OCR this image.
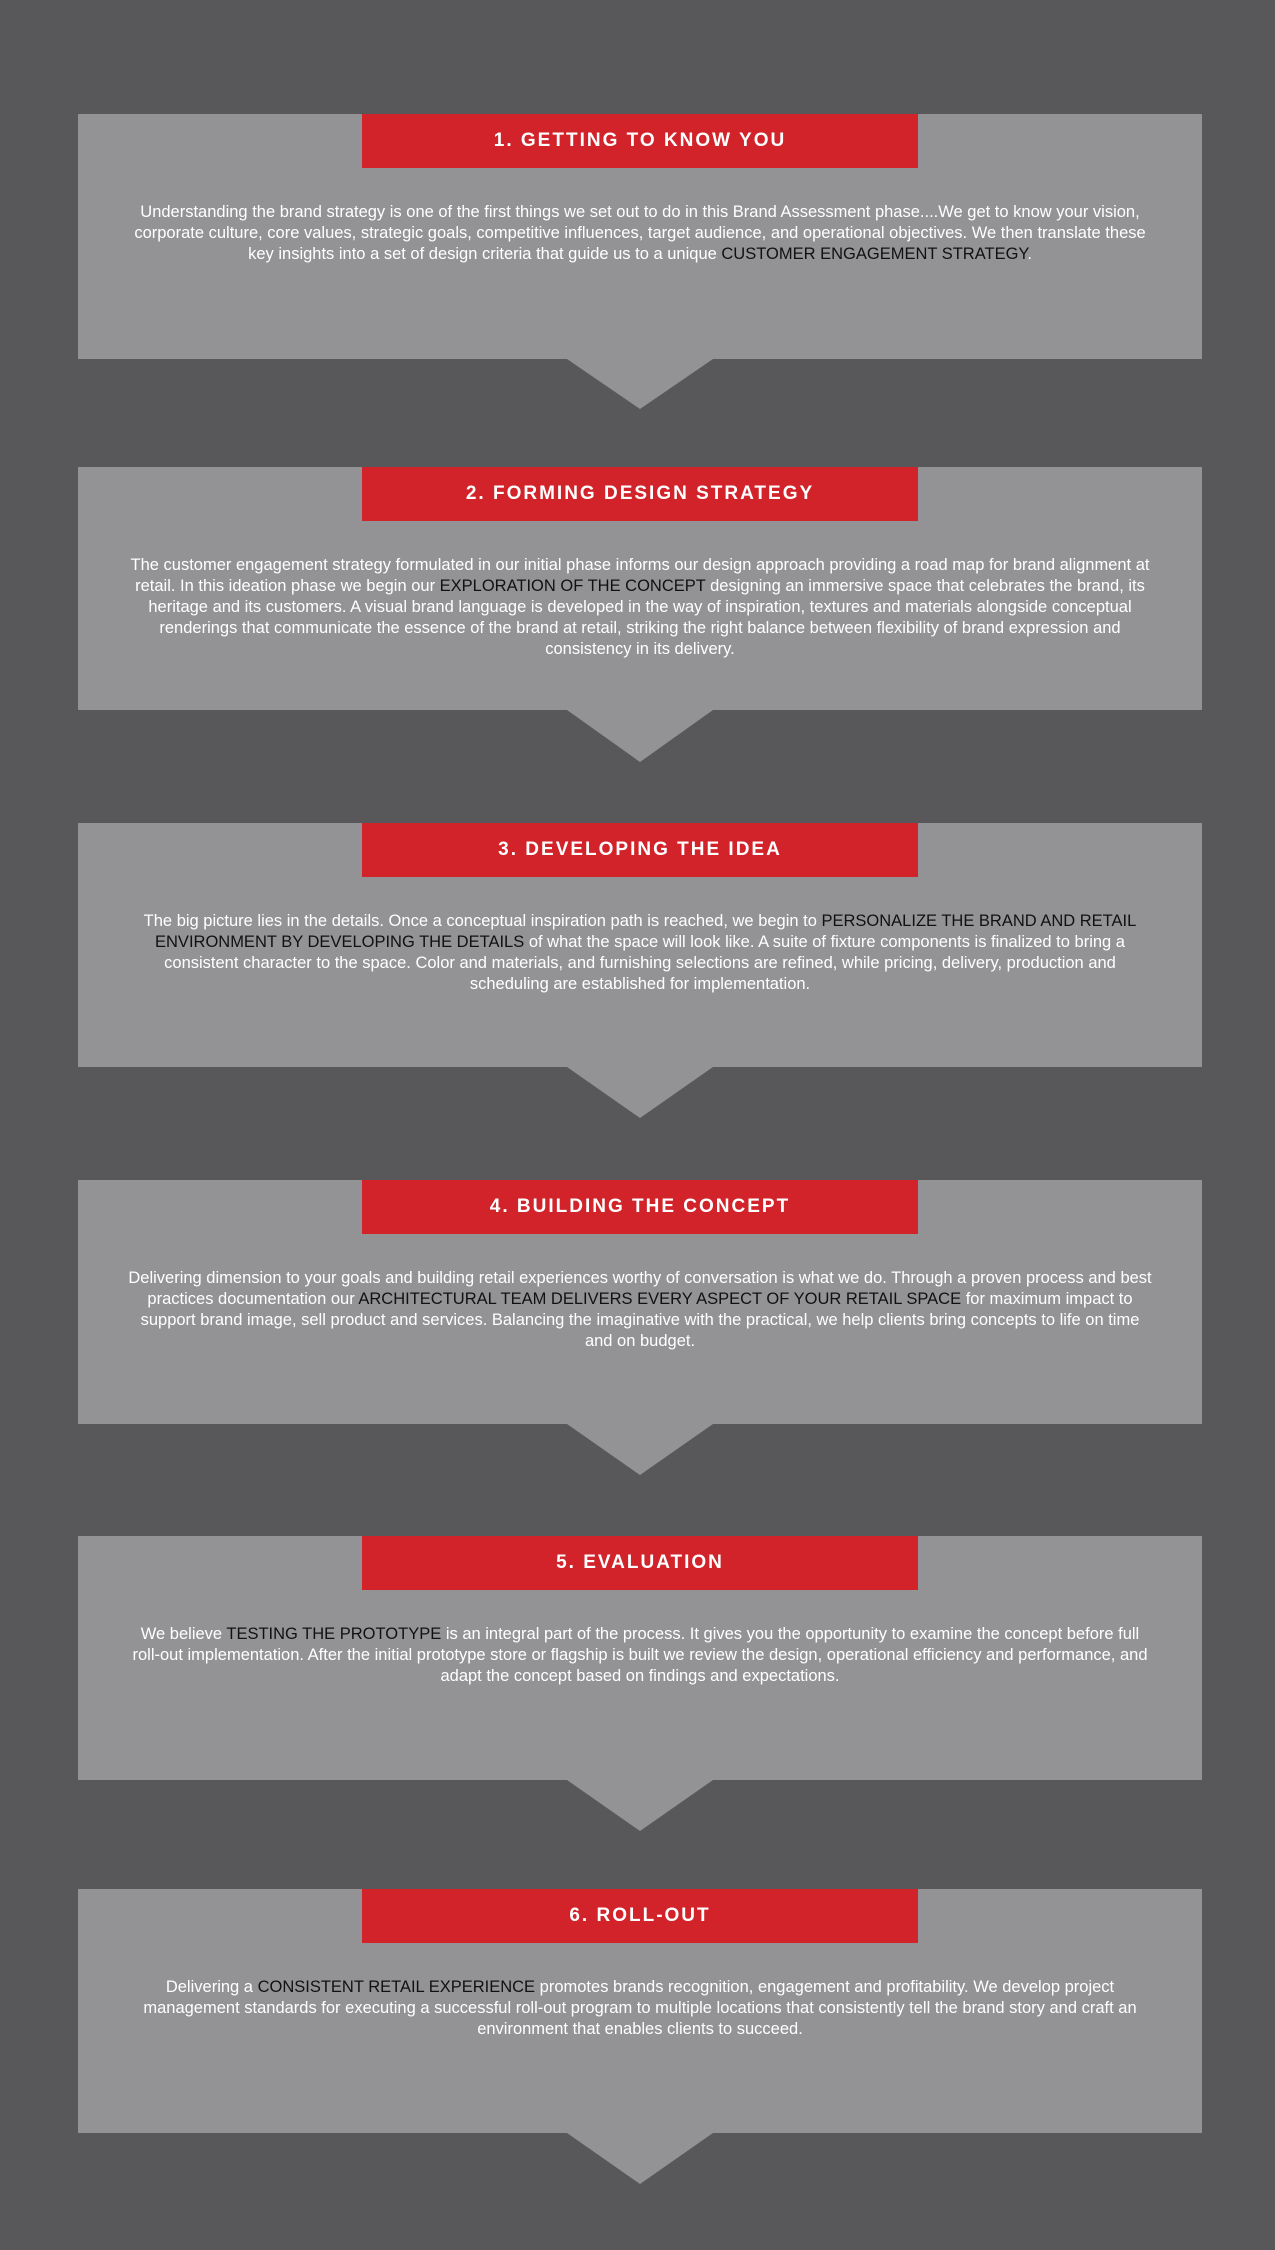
1. GETTING TO KNOW YOU
Understanding the brand strategy is one of the first things we set out to do in this Brand Assessment phase....We get to know your vision, corporate culture, core values, strategic goals, competitive influences, target audience, and operational objectives. We then translate these key insights into a set of design criteria that guide us to a unique CUSTOMER ENGAGEMENT STRATEGY.
2. FORMING DESIGN STRATEGY
The customer engagement strategy formulated in our initial phase informs our design approach providing a road map for brand alignment at retail. In this ideation phase we begin our EXPLORATION OF THE CONCEPT designing an immersive space that celebrates the brand, its heritage and its customers. A visual brand language is developed in the way of inspiration, textures and materials alongside conceptual renderings that communicate the essence of the brand at retail, striking the right balance between flexibility of brand expression and consistency in its delivery.
3. DEVELOPING THE IDEA
The big picture lies in the details. Once a conceptual inspiration path is reached, we begin to PERSONALIZE THE BRAND AND RETAIL ENVIRONMENT BY DEVELOPING THE DETAILS of what the space will look like. A suite of fixture components is finalized to bring a consistent character to the space. Color and materials, and furnishing selections are refined, while pricing, delivery, production and scheduling are established for implementation.
4. BUILDING THE CONCEPT
Delivering dimension to your goals and building retail experiences worthy of conversation is what we do. Through a proven process and best practices documentation our ARCHITECTURAL TEAM DELIVERS EVERY ASPECT OF YOUR RETAIL SPACE for maximum impact to support brand image, sell product and services. Balancing the imaginative with the practical, we help clients bring concepts to life on time and on budget.
5. EVALUATION
We believe TESTING THE PROTOTYPE is an integral part of the process. It gives you the opportunity to examine the concept before full roll-out implementation. After the initial prototype store or flagship is built we review the design, operational efficiency and performance, and adapt the concept based on findings and expectations.
6. ROLL-OUT
Delivering a CONSISTENT RETAIL EXPERIENCE promotes brands recognition, engagement and profitability. We develop project management standards for executing a successful roll-out program to multiple locations that consistently tell the brand story and craft an environment that enables clients to succeed.
